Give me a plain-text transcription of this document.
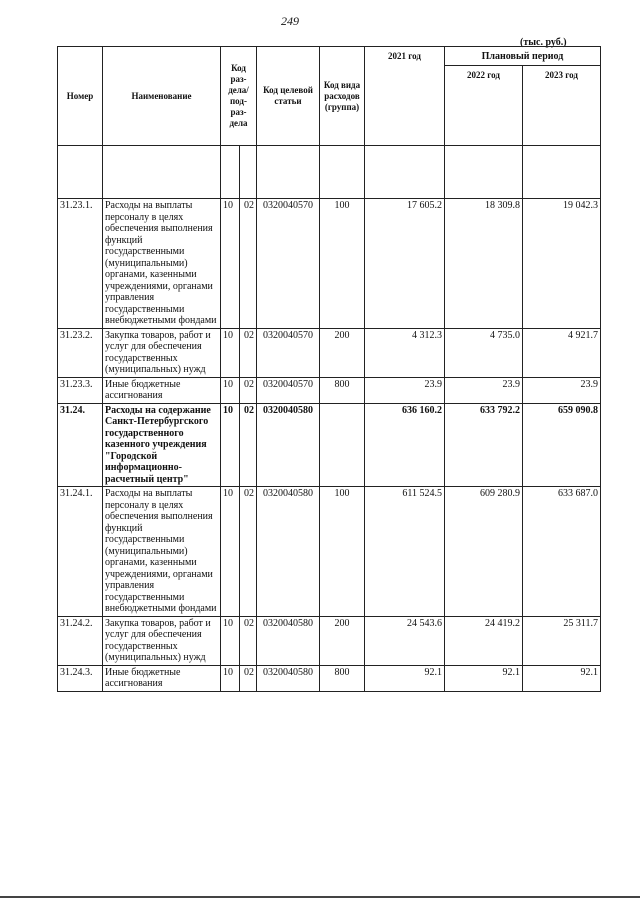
249
(тыс. руб.)
Номер	Наименование	Код раз- дела/ под- раз- дела		Код целевой статьи	Код вида расходов (группа)	2021 год	Плановый период	
							2022 год	2023 год

31.23.1.	Расходы на выплаты персоналу в целях обеспечения выполнения функций государственными (муниципальными) органами, казенными учреждениями, органами управления государственными внебюджетными фондами	10	02	0320040570	100	17 605.2	18 309.8	19 042.3
31.23.2.	Закупка товаров, работ и услуг для обеспечения государственных (муниципальных) нужд	10	02	0320040570	200	4 312.3	4 735.0	4 921.7
31.23.3.	Иные бюджетные ассигнования	10	02	0320040570	800	23.9	23.9	23.9
31.24.	Расходы на содержание Санкт-Петербургского государственного казенного учреждения "Городской информационно-расчетный центр"	10	02	0320040580		636 160.2	633 792.2	659 090.8
31.24.1.	Расходы на выплаты персоналу в целях обеспечения выполнения функций государственными (муниципальными) органами, казенными учреждениями, органами управления государственными внебюджетными фондами	10	02	0320040580	100	611 524.5	609 280.9	633 687.0
31.24.2.	Закупка товаров, работ и услуг для обеспечения государственных (муниципальных) нужд	10	02	0320040580	200	24 543.6	24 419.2	25 311.7
31.24.3.	Иные бюджетные ассигнования	10	02	0320040580	800	92.1	92.1	92.1
